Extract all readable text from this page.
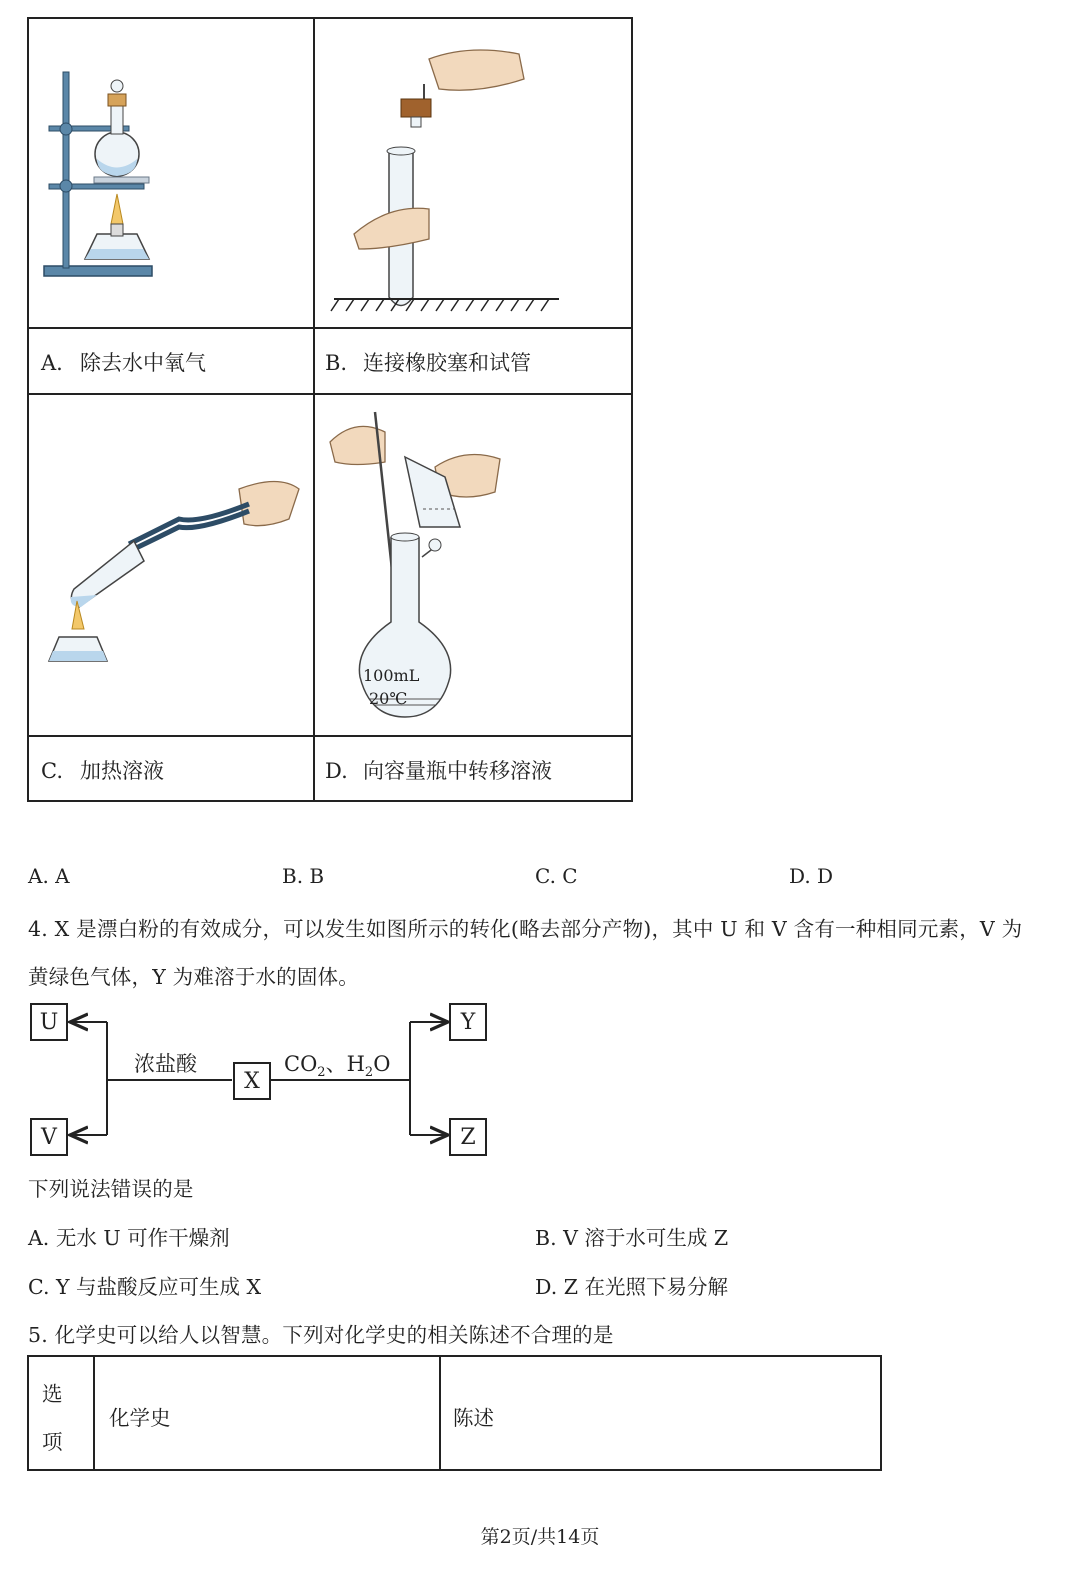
100mL
20℃
A. 除去水中氧气	B. 连接橡胶塞和试管
C. 加热溶液	D. 向容量瓶中转移溶液
A. A	B. B	C. C	D. D
4. X 是漂白粉的有效成分，可以发生如图所示的转化(略去部分产物)，其中 U 和 V 含有一种相同元素，V 为
黄绿色气体，Y 为难溶于水的固体。
U
V
X
Y
Z
浓盐酸	$CO_2$、$H_2O$
下列说法错误的是
A. 无水 U 可作干燥剂	B. V 溶于水可生成 Z
C. Y 与盐酸反应可生成 X	D. Z 在光照下易分解
5. 化学史可以给人以智慧。下列对化学史的相关陈述不合理的是
选
项
化学史	陈述
第2页/共14页
